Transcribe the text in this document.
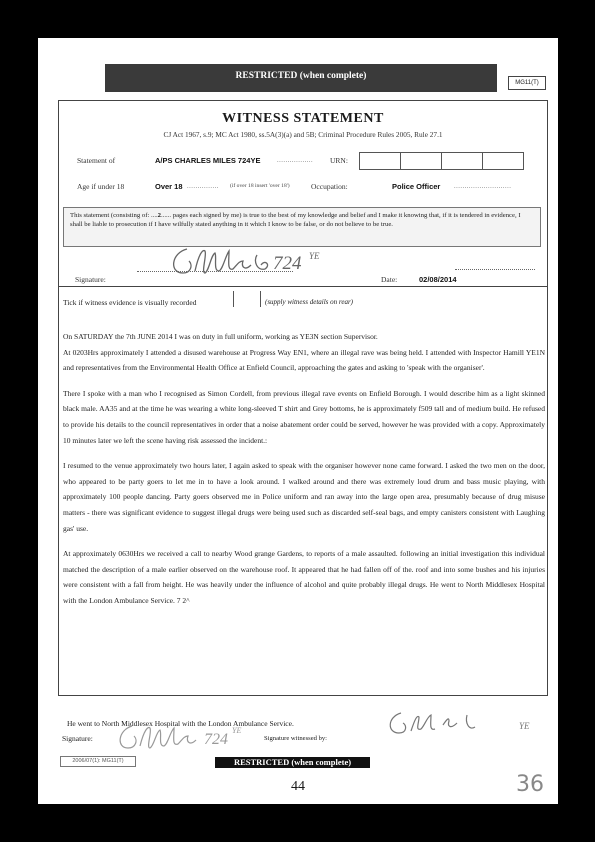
RESTRICTED (when complete)
MG11(T)
WITNESS STATEMENT
CJ Act 1967, s.9; MC Act 1980, ss.5A(3)(a) and 5B; Criminal Procedure Rules 2005, Rule 27.1
Statement of	A/PS CHARLES MILES 724YE	................. URN:
Age if under 18	Over 18 ............... (if over 18 insert 'over 18')	Occupation:	Police Officer ...........................
This statement (consisting of: ....2...... pages each signed by me) is true to the best of my knowledge and belief and I make it knowing that, if it is tendered in evidence, I shall be liable to prosecution if I have wilfully stated anything in it which I know to be false, or do not believe to be true.
Signature:
724 YE
Date:	02/08/2014
Tick if witness evidence is visually recorded	(supply witness details on rear)

On SATURDAY the 7th JUNE 2014 I was on duty in full uniform, working as YE3N section Supervisor.

At 0203Hrs approximately I attended a disused warehouse at Progress Way EN1, where an illegal rave was being held. I attended with Inspector Hamill YE1N and representatives from the Environmental Health Office at Enfield Council, approaching the gates and asking to 'speak with the organiser'.

There I spoke with a man who I recognised as Simon Cordell, from previous illegal rave events on Enfield Borough. I would describe him as a light skinned black male. AA35 and at the time he was wearing a white long-sleeved T shirt and Grey bottoms, he is approximately f509 tall and of medium build. He refused to provide his details to the council representatives in order that a noise abatement order could be served, however he was provided with a copy. Approximately 10 minutes later we left the scene having risk assessed the incident.:

I resumed to the venue approximately two hours later, I again asked to speak with the organiser however none came forward. I asked the two men on the door, who appeared to be party goers to let me in to have a look around. I walked around and there was extremely loud drum and bass music playing, with approximately 100 people dancing. Party goers observed me in Police uniform and ran away into the large open area, presumably because of drug misuse matters - there was significant evidence to suggest illegal drugs were being used such as discarded self-seal bags, and empty canisters consistent with Laughing gas' use.

At approximately 0630Hrs we received a call to nearby Wood grange Gardens, to reports of a male assaulted. following an initial investigation this individual matched the description of a male earlier observed on the warehouse roof. It appeared that he had fallen off of the. roof and into some bushes and his injuries were consistent with a fall from height. He was heavily under the influence of alcohol and quite probably illegal drugs. He went to North Middlesex Hospital with the London Ambulance Service. 7 2^

He went to North Middlesex Hospital with the London Ambulance Service.	YE
Signature:	724
YE
Signature witnessed by:
2006/07(1): MG11(T)	RESTRICTED (when complete)
44	36
